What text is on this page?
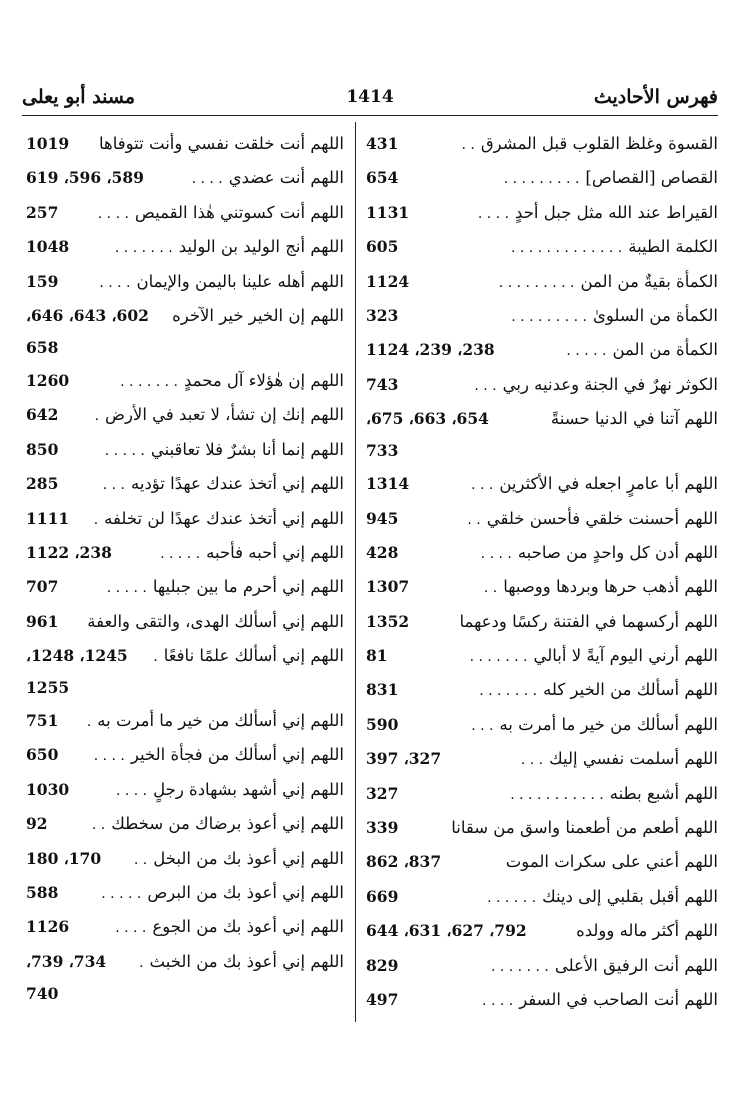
فهرس الأحاديث
1414
مسند أبو يعلى
القسوة وغلظ القلوب قبل المشرق. .
431
القصاص [القصاص]. . . . . . . . .
654
القيراط عند الله مثل جبل أحدٍ. . . .
1131
الكلمة الطيبة. . . . . . . . . . . . .
605
الكمأة بقيةٌ من المن. . . . . . . . .
1124
الكمأة من السلوىٰ. . . . . . . . .
323
الكمأة من المن. . . . .
238، 239، 1124
الكوثر نهرٌ في الجنة وعدنيه ربي. . .
743
اللهم آتنا في الدنيا حسنةً
654، 663، 675،
733
اللهم أبا عامرٍ اجعله في الأكثرين. . .
1314
اللهم أحسنت خلقي فأحسن خلقي. .
945
اللهم أدن كل واحدٍ من صاحبه. . . .
428
اللهم أذهب حرها وبردها ووصبها. .
1307
اللهم أركسهما في الفتنة ركسًا ودعهما
1352
اللهم أرني اليوم آيةً لا أبالي. . . . . . .
81
اللهم أسألك من الخير كله. . . . . . .
831
اللهم أسألك من خير ما أمرت به. . .
590
اللهم أسلمت نفسي إليك. . .
327، 397
اللهم أشبع بطنه. . . . . . . . . . .
327
اللهم أطعم من أطعمنا واسق من سقانا
339
اللهم أعني على سكرات الموت
837، 862
اللهم أقبل بقلبي إلى دينك. . . . . .
669
اللهم أكثر ماله وولده
792، 627، 631، 644
اللهم أنت الرفيق الأعلى. . . . . . .
829
اللهم أنت الصاحب في السفر. . . .
497
اللهم أنت خلقت نفسي وأنت تتوفاها
1019
اللهم أنت عضدي. . . .
589، 596، 619
اللهم أنت كسوتني هٰذا القميص. . . .
257
اللهم أنج الوليد بن الوليد. . . . . . .
1048
اللهم أهله علينا باليمن والإيمان. . . .
159
اللهم إن الخير خير الآخره
602، 643، 646،
658
اللهم إن هٰؤلاء آل محمدٍ. . . . . . .
1260
اللهم إنك إن تشأ، لا تعبد في الأرض.
642
اللهم إنما أنا بشرٌ فلا تعاقبني. . . . .
850
اللهم إني أتخذ عندك عهدًا تؤديه. . .
285
اللهم إني أتخذ عندك عهدًا لن تخلفه.
1111
اللهم إني أحبه فأحبه. . . . .
238، 1122
اللهم إني أحرم ما بين جبليها. . . . .
707
اللهم إني أسألك الهدى، والتقى والعفة
961
اللهم إني أسألك علمًا نافعًا.
1245، 1248،
1255
اللهم إني أسألك من خير ما أمرت به.
751
اللهم إني أسألك من فجأة الخير. . . .
650
اللهم إني أشهد بشهادة رجلٍ. . . .
1030
اللهم إني أعوذ برضاك من سخطك. .
92
اللهم إني أعوذ بك من البخل. .
170، 180
اللهم إني أعوذ بك من البرص. . . . .
588
اللهم إني أعوذ بك من الجوع. . . .
1126
اللهم إني أعوذ بك من الخبث.
734، 739،
740
